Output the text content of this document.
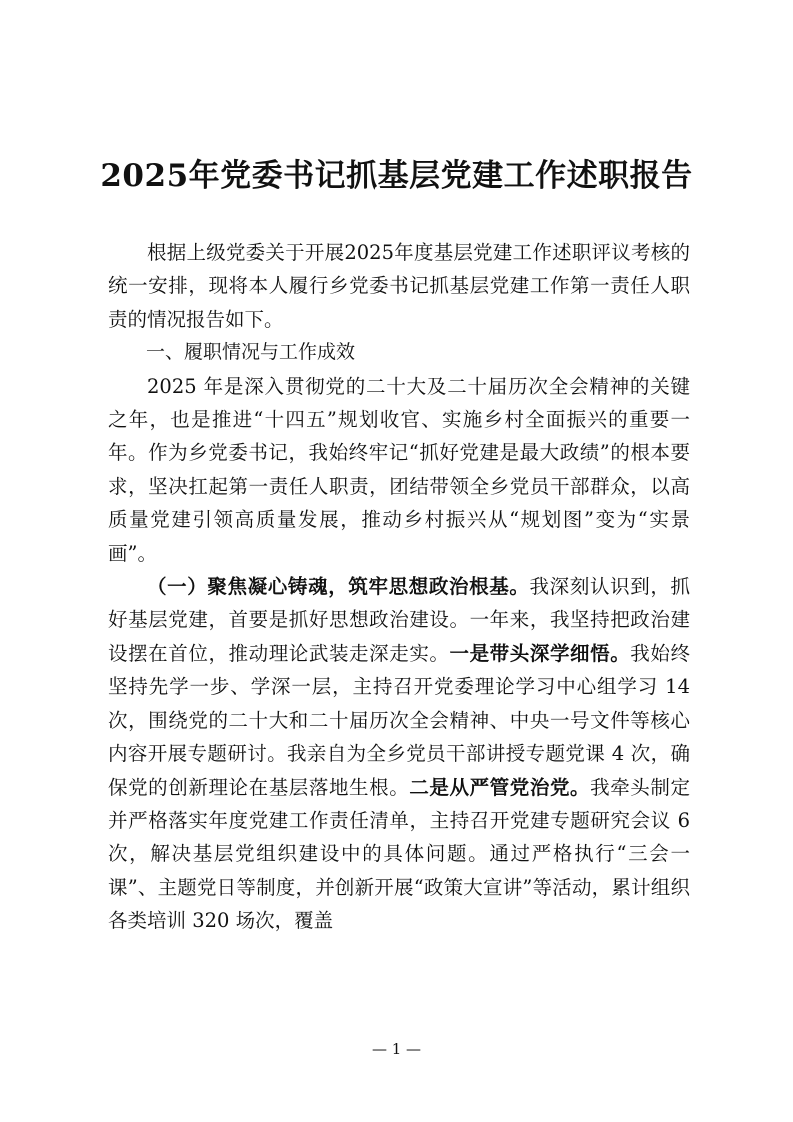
2025年党委书记抓基层党建工作述职报告

根据上级党委关于开展2025年度基层党建工作述职评议考核的统一安排，现将本人履行乡党委书记抓基层党建工作第一责任人职责的情况报告如下。

一、履职情况与工作成效

2025 年是深入贯彻党的二十大及二十届历次全会精神的关键之年，也是推进“十四五”规划收官、实施乡村全面振兴的重要一年。作为乡党委书记，我始终牢记“抓好党建是最大政绩”的根本要求，坚决扛起第一责任人职责，团结带领全乡党员干部群众，以高质量党建引领高质量发展，推动乡村振兴从“规划图”变为“实景画”。

（一）聚焦凝心铸魂，筑牢思想政治根基。我深刻认识到，抓好基层党建，首要是抓好思想政治建设。一年来，我坚持把政治建设摆在首位，推动理论武装走深走实。一是带头深学细悟。我始终坚持先学一步、学深一层，主持召开党委理论学习中心组学习 14 次，围绕党的二十大和二十届历次全会精神、中央一号文件等核心内容开展专题研讨。我亲自为全乡党员干部讲授专题党课 4 次，确保党的创新理论在基层落地生根。二是从严管党治党。我牵头制定并严格落实年度党建工作责任清单，主持召开党建专题研究会议 6 次，解决基层党组织建设中的具体问题。通过严格执行“三会一课”、主题党日等制度，并创新开展“政策大宣讲”等活动，累计组织各类培训 320 场次，覆盖

— 1 —
